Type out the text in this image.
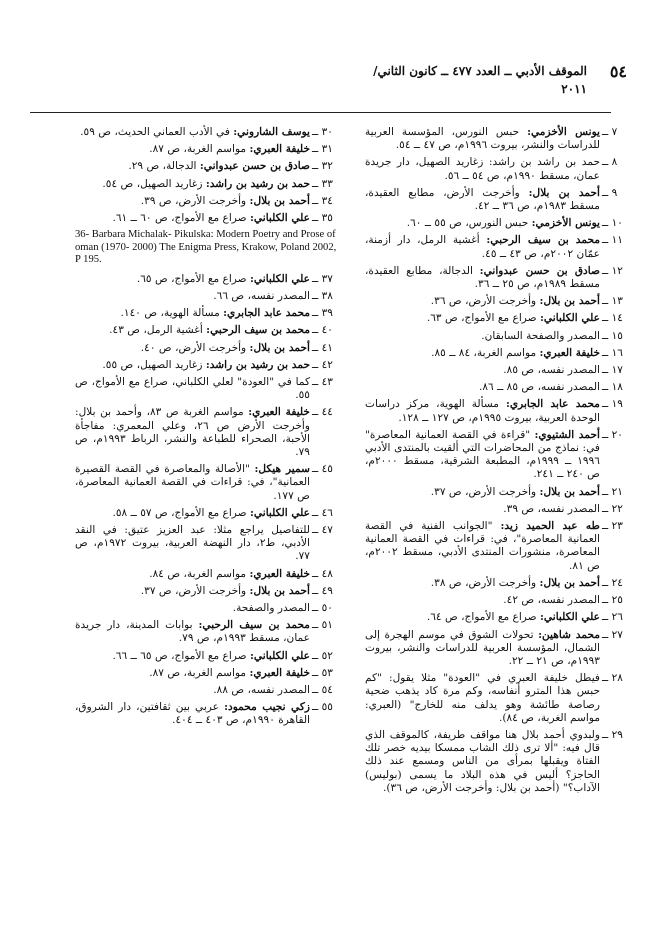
٥٤
الموقف الأدبي ــ العدد ٤٧٧ ــ كانون الثاني/
٢٠١١
٧ ــ
يونس الأخزمي: حبس النورس، المؤسسة العربية للدراسات والنشر، بيروت ١٩٩٦م، ص ٤٧ ــ ٥٤.
٨ ــ
حمد بن راشد بن راشد: زغاريد الصهيل، دار جريدة عمان، مسقط ١٩٩٠م، ص ٥٤ ــ ٥٦.
٩ ــ
أحمد بن بلال: وأخرجت الأرض، مطابع العقيدة، مسقط ١٩٨٣م، ص ٣٦ ــ ٤٢.
١٠ ــ
يونس الأخزمي: حبس النورس، ص ٥٥ ــ ٦٠.
١١ ــ
محمد بن سيف الرحبي: أغشية الرمل، دار أزمنة، عمّان ٢٠٠٢م، ص ٤٣ ــ ٤٥.
١٢ ــ
صادق بن حسن عبدواني: الدجالة، مطابع العقيدة، مسقط ١٩٨٩م، ص ٢٥ ــ ٣٦.
١٣ ــ
أحمد بن بلال: وأخرجت الأرض، ص ٣٦.
١٤ ــ
علي الكلباني: صراع مع الأمواج، ص ٦٣.
١٥ ــ
المصدر والصفحة السابقان.
١٦ ــ
خليفة العبري: مواسم الغربة، ٨٤ ــ ٨٥.
١٧ ــ
المصدر نفسه، ص ٨٥.
١٨ ــ
المصدر نفسه، ص ٨٥ ــ ٨٦.
١٩ ــ
محمد عابد الجابري: مسألة الهوية، مركز دراسات الوحدة العربية، بيروت ١٩٩٥م، ص ١٢٧ ــ ١٢٨.
٢٠ ــ
أحمد الشتيوي: "قراءة في القصة العمانية المعاصرة" في: نماذج من المحاضرات التي ألقيت بالمنتدى الأدبي ١٩٩٦ ــ ١٩٩٩م، المطبعة الشرقية، مسقط ٢٠٠٠م، ص ٢٤٠ ــ ٢٤١.
٢١ ــ
أحمد بن بلال: وأخرجت الأرض، ص ٣٧.
٢٢ ــ
المصدر نفسه، ص ٣٩.
٢٣ ــ
طه عبد الحميد زيد: "الجوانب الفنية في القصة العمانية المعاصرة"، في: قراءات في القصة العمانية المعاصرة، منشورات المنتدى الأدبي، مسقط ٢٠٠٢م، ص ٨١.
٢٤ ــ
أحمد بن بلال: وأخرجت الأرض، ص ٣٨.
٢٥ ــ
المصدر نفسه، ص ٤٢.
٢٦ ــ
علي الكلباني: صراع مع الأمواج، ص ٦٤.
٢٧ ــ
محمد شاهين: تحولات الشوق في موسم الهجرة إلى الشمال، المؤسسة العربية للدراسات والنشر، بيروت ١٩٩٣م، ص ٢١ ــ ٢٢.
٢٨ ــ
فيطل خليفة العبري في "العودة" مثلا يقول: "كم حبس هذا المترو أنفاسه، وكم مرة كاد يذهب ضحية رصاصة طائشة وهو يدلف منه للخارج" (العبري: مواسم الغربة، ص ٨٤).
٢٩ ــ
ولبدوي أحمد بلال هنا مواقف طريفة، كالموقف الذي قال فيه: "ألا ترى ذلك الشاب ممسكا بيديه خصر تلك الفتاة ويقبلها بمرأى من الناس ومسمع عند ذلك الحاجز؟ أليس في هذه البلاد ما يسمى (بوليس) الآداب؟" (أحمد بن بلال: وأخرجت الأرض، ص ٣٦).
٣٠ ــ
يوسف الشاروني: في الأدب العماني الحديث، ص ٥٩.
٣١ ــ
خليفة العبري: مواسم الغربة، ص ٨٧.
٣٢ ــ
صادق بن حسن عبدواني: الدجالة، ص ٢٩.
٣٣ ــ
حمد بن رشيد بن راشد: زغاريد الصهيل، ص ٥٤.
٣٤ ــ
أحمد بن بلال: وأخرجت الأرض، ص ٣٩.
٣٥ ــ
علي الكلباني: صراع مع الأمواج، ص ٦٠ ــ ٦١.
36- Barbara Michalak- Pikulska: Modern Poetry and Prose of oman (1970- 2000) The Enigma Press, Krakow, Poland 2002, P 195.
٣٧ ــ
علي الكلباني: صراع مع الأمواج، ص ٦٥.
٣٨ ــ
المصدر نفسه، ص ٦٦.
٣٩ ــ
محمد عابد الجابري: مسألة الهوية، ص ١٤٠.
٤٠ ــ
محمد بن سيف الرحبي: أغشية الرمل، ص ٤٣.
٤١ ــ
أحمد بن بلال: وأخرجت الأرض، ص ٤٠.
٤٢ ــ
حمد بن رشيد بن راشد: زغاريد الصهيل، ص ٥٥.
٤٣ ــ
كما في "العودة" لعلي الكلباني، صراع مع الأمواج، ص ٥٥.
٤٤ ــ
خليفة العبري: مواسم الغربة ص ٨٣، وأحمد بن بلال: وأخرجت الأرض ص ٢٦، وعلي المعمري: مفاجأة الأحبة، الصحراء للطباعة والنشر، الرباط ١٩٩٣م، ص ٧٩.
٤٥ ــ
سمير هيكل: "الأصالة والمعاصرة في القصة القصيرة العمانية"، في: قراءات في القصة العمانية المعاصرة، ص ١٧٧.
٤٦ ــ
علي الكلباني: صراع مع الأمواج، ص ٥٧ ــ ٥٨.
٤٧ ــ
للتفاصيل يراجع مثلا: عبد العزيز عتيق: في النقد الأدبي، ط٢، دار النهضة العربية، بيروت ١٩٧٢م، ص ٧٧.
٤٨ ــ
خليفة العبري: مواسم الغربة، ص ٨٤.
٤٩ ــ
أحمد بن بلال: وأخرجت الأرض، ص ٣٧.
٥٠ ــ
المصدر والصفحة.
٥١ ــ
محمد بن سيف الرحبي: بوابات المدينة، دار جريدة عمان، مسقط ١٩٩٣م، ص ٧٩.
٥٢ ــ
علي الكلباني: صراع مع الأمواج، ص ٦٥ ــ ٦٦.
٥٣ ــ
خليفة العبري: مواسم الغربة، ص ٨٧.
٥٤ ــ
المصدر نفسه، ص ٨٨.
٥٥ ــ
زكي نجيب محمود: عربي بين ثقافتين، دار الشروق، القاهرة ١٩٩٠م، ص ٤٠٣ ــ ٤٠٤.
